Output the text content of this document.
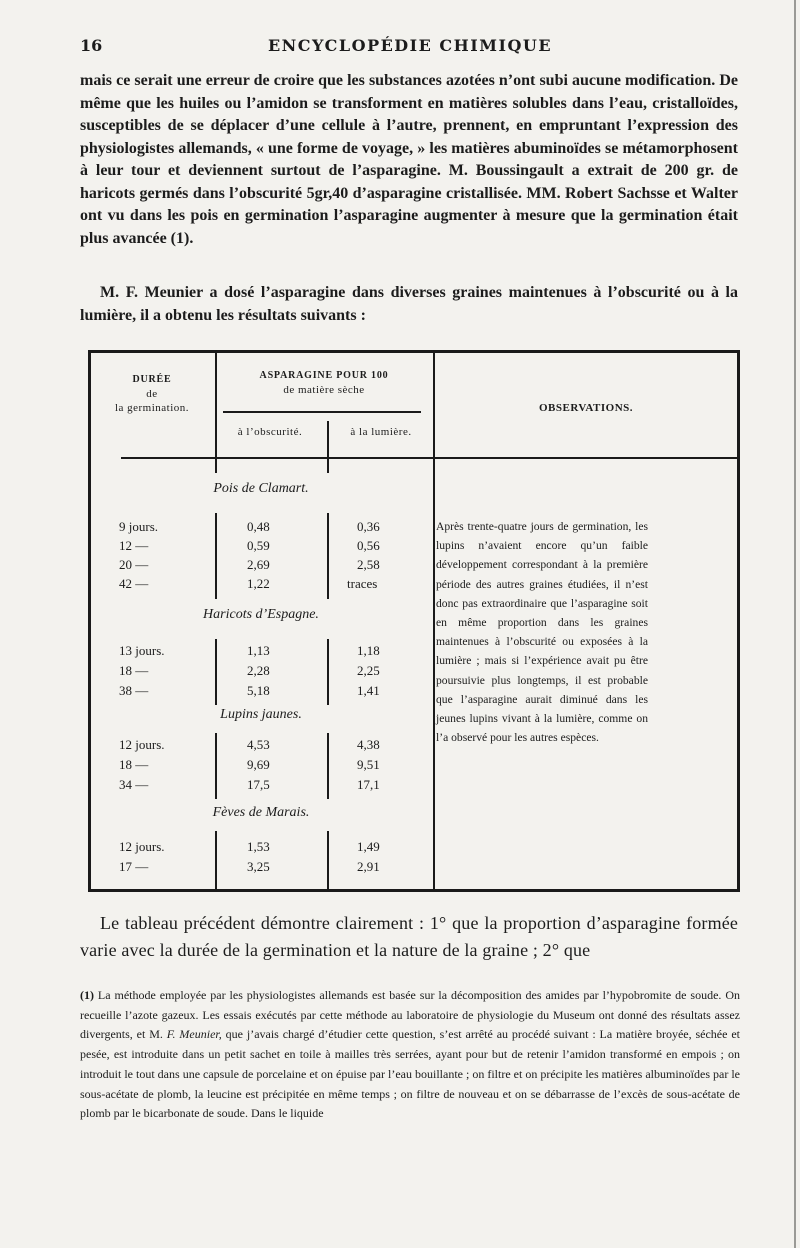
16	ENCYCLOPÉDIE CHIMIQUE

mais ce serait une erreur de croire que les substances azotées n’ont subi aucune modification. De même que les huiles ou l’amidon se transforment en matières solubles dans l’eau, cristalloïdes, susceptibles de se déplacer d’une cellule à l’autre, prennent, en empruntant l’expression des physiologistes allemands, « une forme de voyage, » les matières abuminoïdes se métamorphosent à leur tour et deviennent surtout de l’asparagine. M. Boussingault a extrait de 200 gr. de haricots germés dans l’obscurité 5gr,40 d’asparagine cristallisée. MM. Robert Sachsse et Walter ont vu dans les pois en germination l’asparagine augmenter à mesure que la germination était plus avancée (1).

M. F. Meunier a dosé l’asparagine dans diverses graines maintenues à l’obscurité ou à la lumière, il a obtenu les résultats suivants :

DURÉE
de
la germination.
ASPARAGINE POUR 100
de matière sèche
à l’obscurité.	à la lumière.
OBSERVATIONS.
Pois de Clamart.
9 jours.	0,48	0,36
12 —	0,59	0,56
20 —	2,69	2,58
42 —	1,22	traces
Haricots d’Espagne.
13 jours.	1,13	1,18
18 —	2,28	2,25
38 —	5,18	1,41
Lupins jaunes.
12 jours.	4,53	4,38
18 —	9,69	9,51
34 —	17,5	17,1
Fèves de Marais.
12 jours.	1,53	1,49
17 —	3,25	2,91
Après trente-quatre jours de germination, les lupins n’avaient encore qu’un faible développement correspondant à la première période des autres graines étudiées, il n’est donc pas extraordinaire que l’asparagine soit en même proportion dans les graines maintenues à l’obscurité ou exposées à la lumière ; mais si l’expérience avait pu être poursuivie plus longtemps, il est probable que l’asparagine aurait diminué dans les jeunes lupins vivant à la lumière, comme on l’a observé pour les autres espèces.

Le tableau précédent démontre clairement : 1° que la proportion d’asparagine formée varie avec la durée de la germination et la nature de la graine ; 2° que

(1) La méthode employée par les physiologistes allemands est basée sur la décomposition des amides par l’hypobromite de soude. On recueille l’azote gazeux. Les essais exécutés par cette méthode au laboratoire de physiologie du Museum ont donné des résultats assez divergents, et M. F. Meunier, que j’avais chargé d’étudier cette question, s’est arrêté au procédé suivant : La matière broyée, séchée et pesée, est introduite dans un petit sachet en toile à mailles très serrées, ayant pour but de retenir l’amidon transformé en empois ; on introduit le tout dans une capsule de porcelaine et on épuise par l’eau bouillante ; on filtre et on précipite les matières albuminoïdes par le sous-acétate de plomb, la leucine est précipitée en même temps ; on filtre de nouveau et on se débarrasse de l’excès de sous-acétate de plomb par le bicarbonate de soude. Dans le liquide
